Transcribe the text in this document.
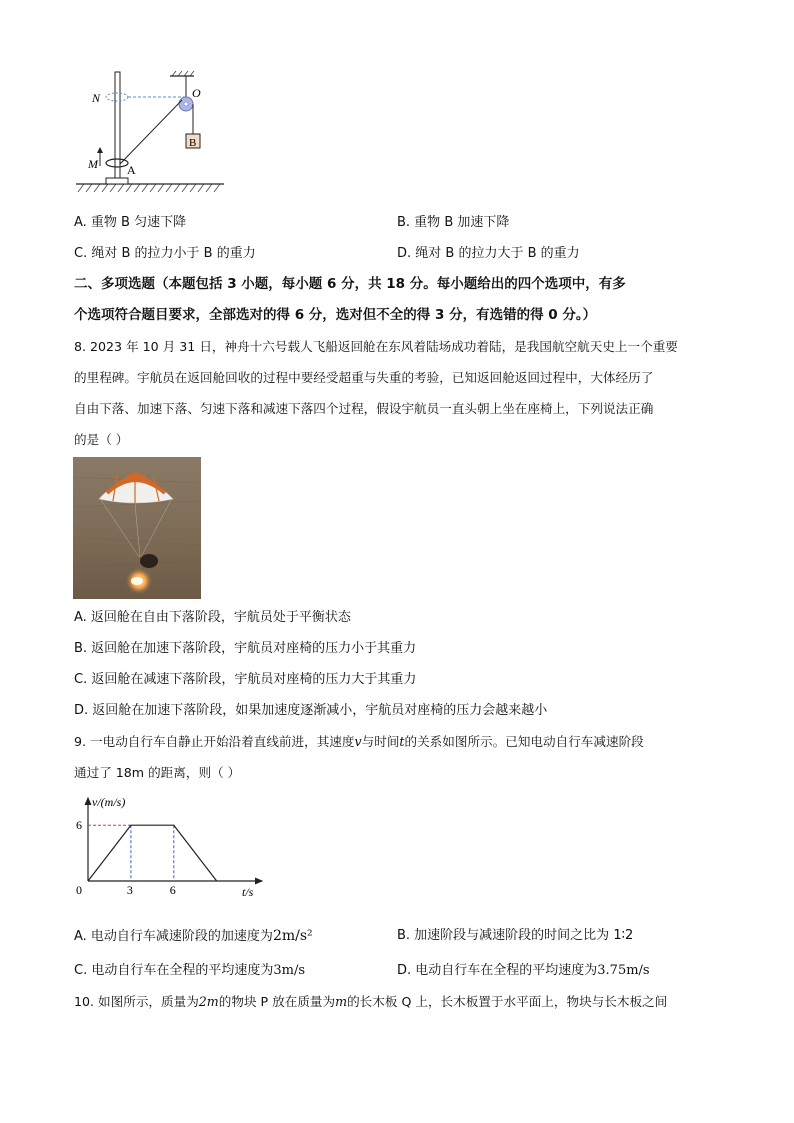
B
N	O
M A
A. 重物 B 匀速下降	B. 重物 B 加速下降
C. 绳对 B 的拉力小于 B 的重力	D. 绳对 B 的拉力大于 B 的重力
二、多项选题（本题包括 3 小题，每小题 6 分，共 18 分。每小题给出的四个选项中，有多
个选项符合题目要求，全部选对的得 6 分，选对但不全的得 3 分，有选错的得 0 分。）
8. 2023 年 10 月 31 日，神舟十六号载人飞船返回舱在东风着陆场成功着陆，是我国航空航天史上一个重要
的里程碑。宇航员在返回舱回收的过程中要经受超重与失重的考验，已知返回舱返回过程中，大体经历了
自由下落、加速下落、匀速下落和减速下落四个过程，假设宇航员一直头朝上坐在座椅上，下列说法正确
的是（ ）
A. 返回舱在自由下落阶段，宇航员处于平衡状态
B. 返回舱在加速下落阶段，宇航员对座椅的压力小于其重力
C. 返回舱在减速下落阶段，宇航员对座椅的压力大于其重力
D. 返回舱在加速下落阶段，如果加速度逐渐减小，宇航员对座椅的压力会越来越小
9. 一电动自行车自静止开始沿着直线前进，其速度v与时间t的关系如图所示。已知电动自行车减速阶段
通过了 18m 的距离，则（ ）
v/(m/s)
t/s
0	3	6
6
A. 电动自行车减速阶段的加速度为2m/s²	B. 加速阶段与减速阶段的时间之比为 1∶2
C. 电动自行车在全程的平均速度为3m/s	D. 电动自行车在全程的平均速度为3.75m/s
10. 如图所示，质量为2m的物块 P 放在质量为m的长木板 Q 上，长木板置于水平面上，物块与长木板之间
